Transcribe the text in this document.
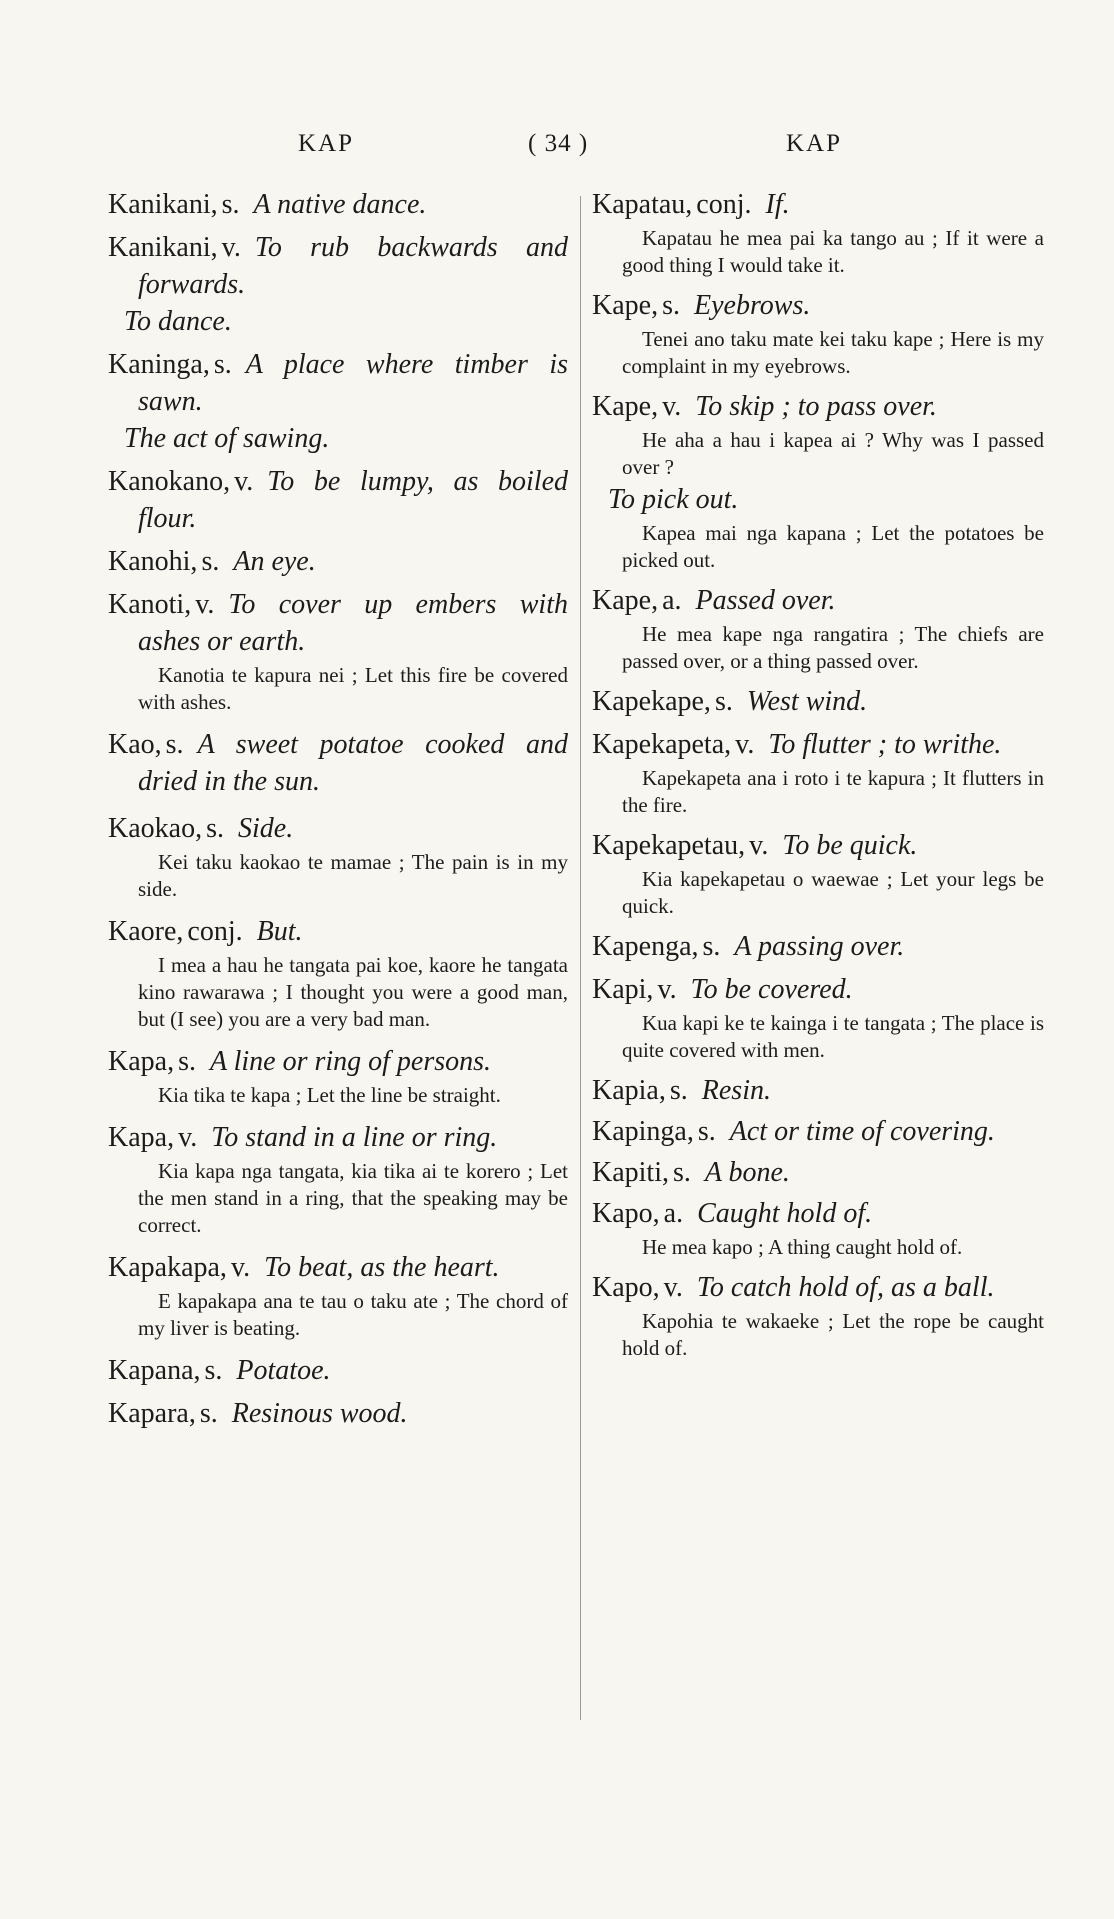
KAP	( 34 )	KAP

Kanikani, s.  A native dance.

Kanikani, v.  To rub backwards and forwards.

To dance.

Kaninga, s.  A place where timber is sawn.

The act of sawing.

Kanokano, v.  To be lumpy, as boiled flour.

Kanohi, s.  An eye.

Kanoti, v.  To cover up embers with ashes or earth.

Kanotia te kapura nei ; Let this fire be covered with ashes.

Kao, s.  A sweet potatoe cooked and dried in the sun.

Kaokao, s.  Side.

Kei taku kaokao te mamae ; The pain is in my side.

Kaore, conj.  But.

I mea a hau he tangata pai koe, kaore he tangata kino rawarawa ; I thought you were a good man, but (I see) you are a very bad man.

Kapa, s.  A line or ring of persons.

Kia tika te kapa ; Let the line be straight.

Kapa, v.  To stand in a line or ring.

Kia kapa nga tangata, kia tika ai te korero ; Let the men stand in a ring, that the speaking may be correct.

Kapakapa, v.  To beat, as the heart.

E kapakapa ana te tau o taku ate ; The chord of my liver is beating.

Kapana, s.  Potatoe.

Kapara, s.  Resinous wood.

Kapatau, conj.  If.

Kapatau he mea pai ka tango au ; If it were a good thing I would take it.

Kape, s.  Eyebrows.

Tenei ano taku mate kei taku kape ; Here is my complaint in my eyebrows.

Kape, v.  To skip ; to pass over.

He aha a hau i kapea ai ? Why was I passed over ?

To pick out.

Kapea mai nga kapana ; Let the potatoes be picked out.

Kape, a.  Passed over.

He mea kape nga rangatira ; The chiefs are passed over, or a thing passed over.

Kapekape, s.  West wind.

Kapekapeta, v.  To flutter ; to writhe.

Kapekapeta ana i roto i te kapura ; It flutters in the fire.

Kapekapetau, v.  To be quick.

Kia kapekapetau o waewae ; Let your legs be quick.

Kapenga, s.  A passing over.

Kapi, v.  To be covered.

Kua kapi ke te kainga i te tangata ; The place is quite covered with men.

Kapia, s.  Resin.

Kapinga, s.  Act or time of covering.

Kapiti, s.  A bone.

Kapo, a.  Caught hold of.

He mea kapo ; A thing caught hold of.

Kapo, v.  To catch hold of, as a ball.

Kapohia te wakaeke ; Let the rope be caught hold of.
